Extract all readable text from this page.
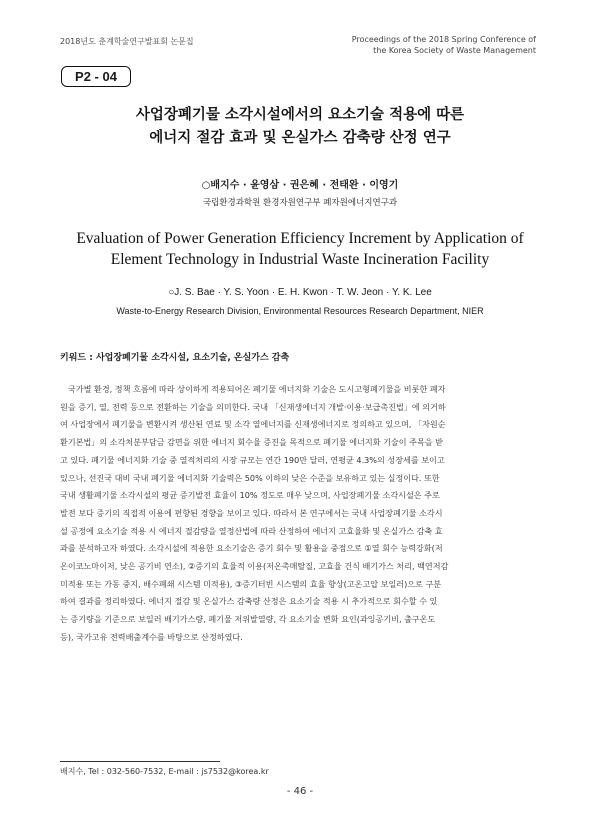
2018년도 춘계학술연구발표회 논문집	Proceedings of the 2018 Spring Conference of
the Korea Society of Waste Management
P2 - 04
사업장폐기물 소각시설에서의 요소기술 적용에 따른
에너지 절감 효과 및 온실가스 감축량 산정 연구
○배지수 · 윤영삼 · 권은혜 · 전태완 · 이영기
국립환경과학원 환경자원연구부 폐자원에너지연구과
Evaluation of Power Generation Efficiency Increment by Application of
Element Technology in Industrial Waste Incineration Facility
○J. S. Bae · Y. S. Yoon · E. H. Kwon · T. W. Jeon · Y. K. Lee
Waste-to-Energy Research Division, Environmental Resources Research Department, NIER
키워드 : 사업장폐기물 소각시설, 요소기술, 온실가스 감축
국가별 환경, 정책 흐름에 따라 상이하게 적용되어온 폐기물 에너지화 기술은 도시고형폐기물을 비롯한 폐자
원을 증기, 열, 전력 등으로 전환하는 기술을 의미한다. 국내 「신재생에너지 개발·이용·보급촉진법」에 의거하
여 사업장에서 폐기물을 변환시켜 생산된 연료 및 소각 열에너지를 신재생에너지로 정의하고 있으며, 「자원순
환기본법」의 소각처분부담금 감면을 위한 에너지 회수율 증진을 목적으로 폐기물 에너지화 기술이 주목을 받
고 있다. 폐기물 에너지화 기술 중 열적처리의 시장 규모는 연간 190만 달러, 연평균 4.3%의 성장세를 보이고
있으나, 선진국 대비 국내 폐기물 에너지화 기술력은 50% 이하의 낮은 수준을 보유하고 있는 실정이다. 또한
국내 생활폐기물 소각시설의 평균 증기발전 효율이 10% 정도로 매우 낮으며, 사업장폐기물 소각시설은 주로
발전 보다 증기의 직접적 이용에 편향된 경향을 보이고 있다. 따라서 본 연구에서는 국내 사업장폐기물 소각시
설 공정에 요소기술 적용 시 에너지 절감량을 열정산법에 따라 산정하여 에너지 고효율화 및 온실가스 감축 효
과를 분석하고자 하였다. 소각시설에 적용한 요소기술은 증기 회수 및 활용을 중점으로 ①열 회수 능력강화(저
온이코노마이저, 낮은 공기비 연소), ②증기의 효율적 이용(저온촉매탈질, 고효율 건식 배기가스 처리, 백연저감
미적용 또는 가동 중지, 배수폐쇄 시스템 미적용), ③증기터빈 시스템의 효율 향상(고온고압 보일러)으로 구분
하여 결과를 정리하였다. 에너지 절감 및 온실가스 감축량 산정은 요소기술 적용 시 추가적으로 회수할 수 있
는 증기량을 기준으로 보일러 배기가스량, 폐기물 저위발열량, 각 요소기술 변화 요인(과잉공기비, 출구온도
등), 국가고유 전력배출계수를 바탕으로 산정하였다.
배지수, Tel : 032-560-7532, E-mail : js7532@korea.kr
- 46 -
